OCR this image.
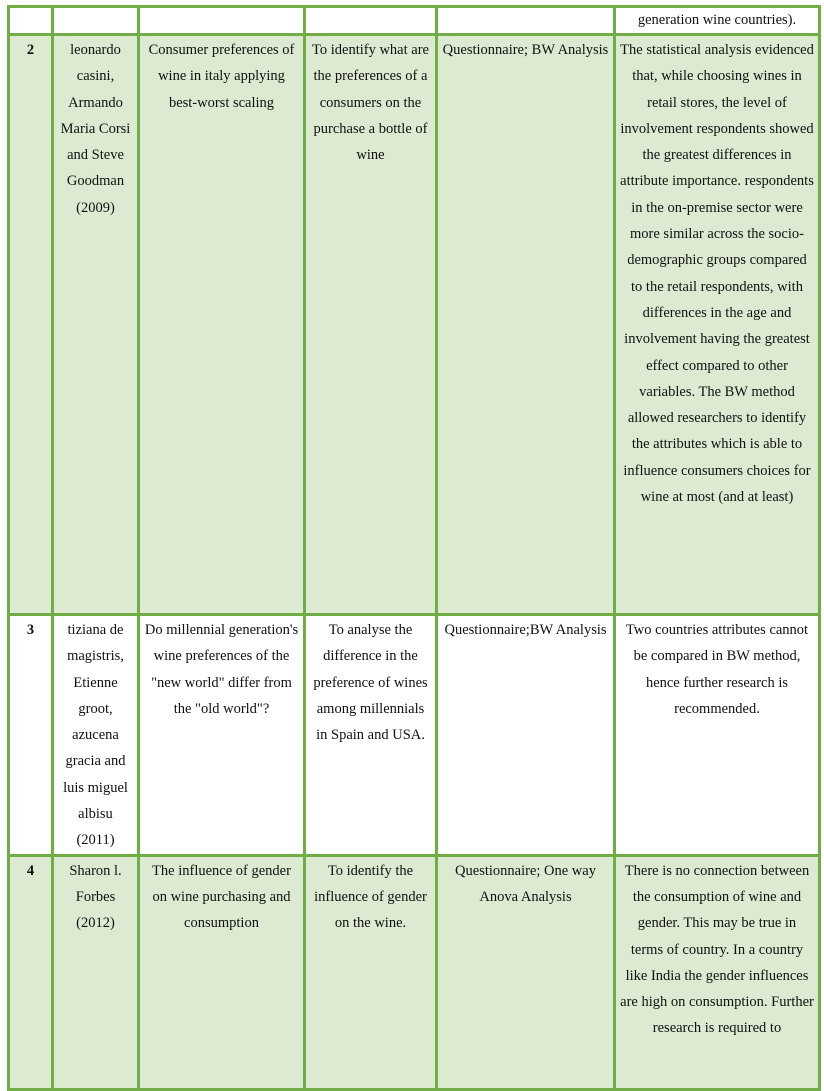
					generation wine countries).
2	leonardo casini, Armando Maria Corsi and Steve Goodman (2009)	Consumer preferences of wine in italy applying best-worst scaling	To identify what are the preferences of a consumers on the purchase a bottle of wine	Questionnaire; BW Analysis	The statistical analysis evidenced that, while choosing wines in retail stores, the level of involvement respondents showed the greatest differences in attribute importance. respondents in the on-premise sector were more similar across the socio-demographic groups compared to the retail respondents, with differences in the age and involvement having the greatest effect compared to other variables. The BW method allowed researchers to identify the attributes which is able to influence consumers choices for wine at most (and at least)
3	tiziana de magistris, Etienne groot, azucena gracia and luis miguel albisu (2011)	Do millennial generation's wine preferences of the "new world" differ from the "old world"?	To analyse the difference in the preference of wines among millennials in Spain and USA.	Questionnaire;BW Analysis	Two countries attributes cannot be compared in BW method, hence further research is recommended.
4	Sharon l. Forbes (2012)	The influence of gender on wine purchasing and consumption	To identify the influence of gender on the wine.	Questionnaire; One way Anova Analysis	There is no connection between the consumption of wine and gender. This may be true in terms of country. In a country like India the gender influences are high on consumption. Further research is required to
